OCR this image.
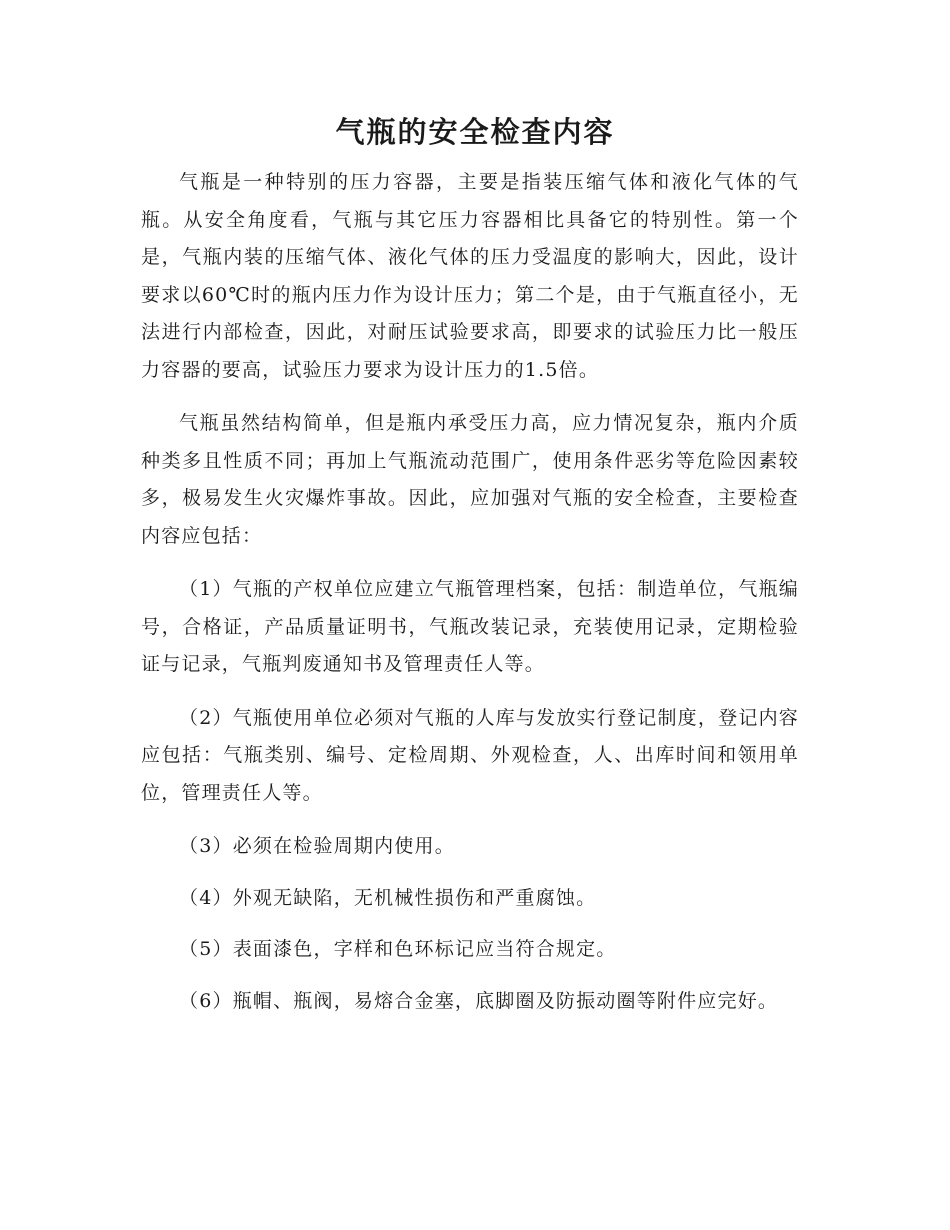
气瓶的安全检查内容

气瓶是一种特别的压力容器，主要是指装压缩气体和液化气体的气瓶。从安全角度看，气瓶与其它压力容器相比具备它的特别性。第一个是，气瓶内装的压缩气体、液化气体的压力受温度的影响大，因此，设计要求以60℃时的瓶内压力作为设计压力；第二个是，由于气瓶直径小，无法进行内部检查，因此，对耐压试验要求高，即要求的试验压力比一般压力容器的要高，试验压力要求为设计压力的1.5倍。

气瓶虽然结构简单，但是瓶内承受压力高，应力情况复杂，瓶内介质种类多且性质不同；再加上气瓶流动范围广，使用条件恶劣等危险因素较多，极易发生火灾爆炸事故。因此，应加强对气瓶的安全检查，主要检查内容应包括：

（1）气瓶的产权单位应建立气瓶管理档案，包括：制造单位，气瓶编号，合格证，产品质量证明书，气瓶改装记录，充装使用记录，定期检验证与记录，气瓶判废通知书及管理责任人等。

（2）气瓶使用单位必须对气瓶的人库与发放实行登记制度，登记内容应包括：气瓶类别、编号、定检周期、外观检查，人、出库时间和领用单位，管理责任人等。

（3）必须在检验周期内使用。

（4）外观无缺陷，无机械性损伤和严重腐蚀。

（5）表面漆色，字样和色环标记应当符合规定。

（6）瓶帽、瓶阀，易熔合金塞，底脚圈及防振动圈等附件应完好。
